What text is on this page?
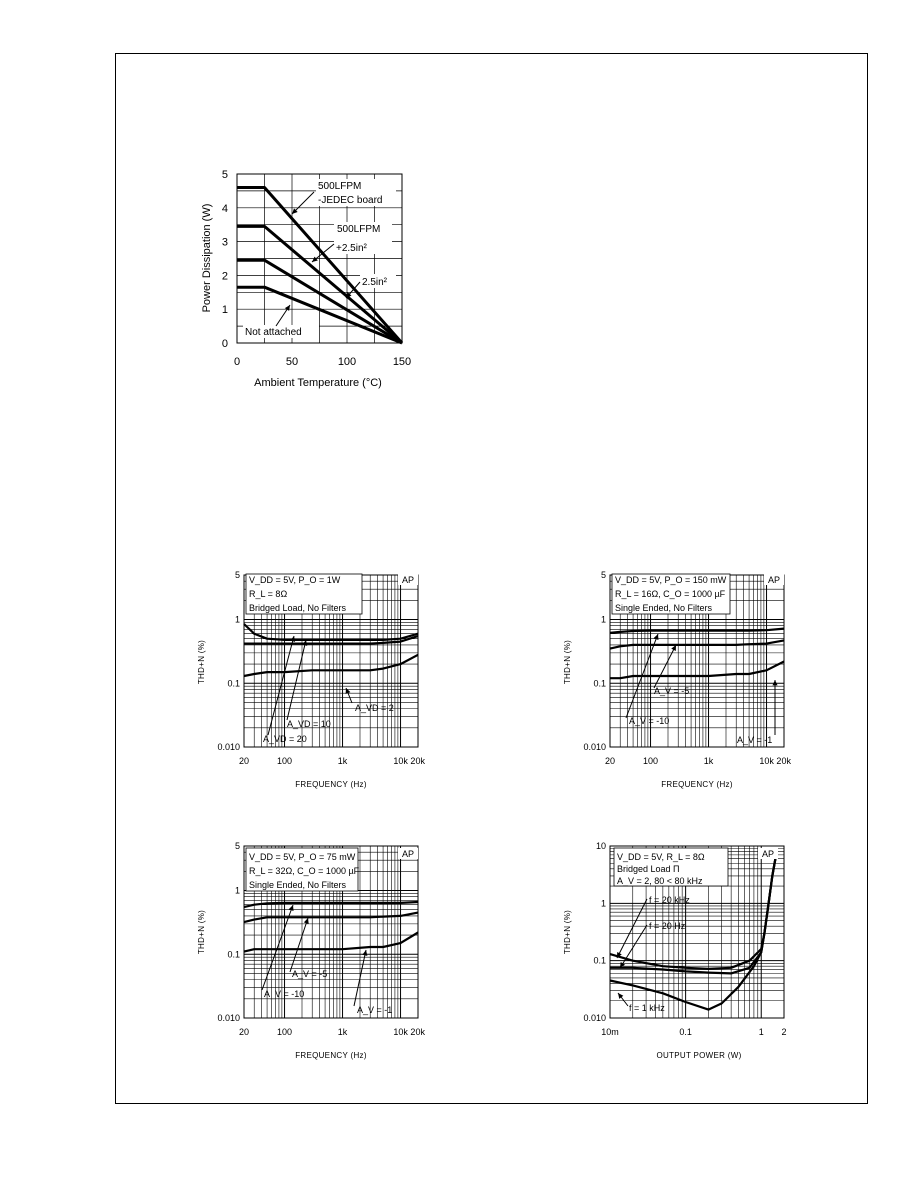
0	50	100	150
0
1
2
3
4
5
Power Dissipation (W)
Ambient Temperature (°C)
500LFPM
-JEDEC board
500LFPM
+2.5in²
2.5in²
Not attached
20	100	1k	10k 20k
5
1
0.1
0.010
THD+N (%)
FREQUENCY (Hz)
V_DD = 5V, P_O = 1W
R_L = 8Ω
Bridged Load, No Filters
AP
A_VD = 2
A_VD = 10
A_VD = 20
20	100	1k	10k 20k
5
1
0.1
0.010
THD+N (%)
FREQUENCY (Hz)
V_DD = 5V, P_O = 150 mW
R_L = 16Ω, C_O = 1000 µF
Single Ended, No Filters
AP
A_V = -5
A_V = -10
A_V = -1
20	100	1k	10k 20k
5
1
0.1
0.010
THD+N (%)
FREQUENCY (Hz)
V_DD = 5V, P_O = 75 mW
R_L = 32Ω, C_O = 1000 µF
Single Ended, No Filters
AP
A_V = -5
A_V = -10
A_V = -1
10m	0.1	1 2
10
1
0.1
0.010
THD+N (%)
OUTPUT POWER (W)
V_DD = 5V, R_L = 8Ω
Bridged Load Π
A_V = 2, 80 < 80 kHz
AP
f = 20 kHz
f = 20 Hz
f = 1 kHz
